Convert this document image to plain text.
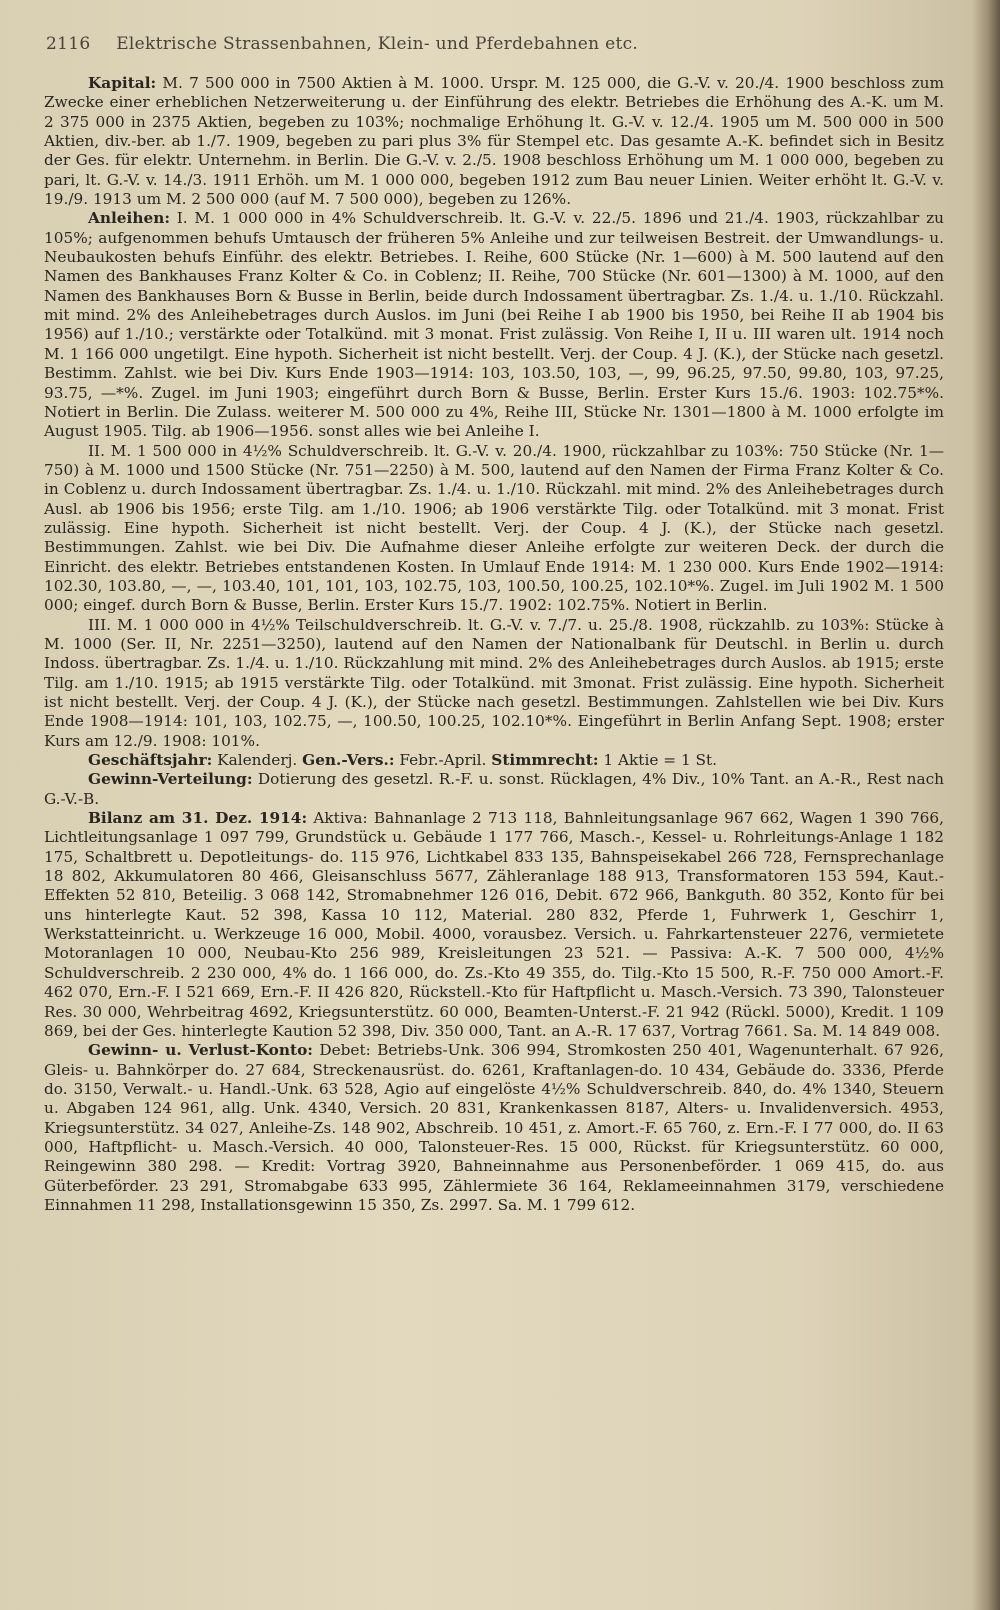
2116 Elektrische Strassenbahnen, Klein- und Pferdebahnen etc.

Kapital: M. 7 500 000 in 7500 Aktien à M. 1000. Urspr. M. 125 000, die G.-V. v. 20./4. 1900 beschloss zum Zwecke einer erheblichen Netzerweiterung u. der Einführung des elektr. Betriebes die Erhöhung des A.-K. um M. 2 375 000 in 2375 Aktien, begeben zu 103%; nochmalige Erhöhung lt. G.-V. v. 12./4. 1905 um M. 500 000 in 500 Aktien, div.-ber. ab 1./7. 1909, begeben zu pari plus 3% für Stempel etc. Das gesamte A.-K. befindet sich in Besitz der Ges. für elektr. Unternehm. in Berlin. Die G.-V. v. 2./5. 1908 beschloss Erhöhung um M. 1 000 000, begeben zu pari, lt. G.-V. v. 14./3. 1911 Erhöh. um M. 1 000 000, begeben 1912 zum Bau neuer Linien. Weiter erhöht lt. G.-V. v. 19./9. 1913 um M. 2 500 000 (auf M. 7 500 000), begeben zu 126%.

Anleihen: I. M. 1 000 000 in 4% Schuldverschreib. lt. G.-V. v. 22./5. 1896 und 21./4. 1903, rückzahlbar zu 105%; aufgenommen behufs Umtausch der früheren 5% Anleihe und zur teilweisen Bestreit. der Umwandlungs- u. Neubaukosten behufs Einführ. des elektr. Betriebes. I. Reihe, 600 Stücke (Nr. 1—600) à M. 500 lautend auf den Namen des Bankhauses Franz Kolter & Co. in Coblenz; II. Reihe, 700 Stücke (Nr. 601—1300) à M. 1000, auf den Namen des Bankhauses Born & Busse in Berlin, beide durch Indossament übertragbar. Zs. 1./4. u. 1./10. Rückzahl. mit mind. 2% des Anleihebetrages durch Auslos. im Juni (bei Reihe I ab 1900 bis 1950, bei Reihe II ab 1904 bis 1956) auf 1./10.; verstärkte oder Totalkünd. mit 3 monat. Frist zulässig. Von Reihe I, II u. III waren ult. 1914 noch M. 1 166 000 ungetilgt. Eine hypoth. Sicherheit ist nicht bestellt. Verj. der Coup. 4 J. (K.), der Stücke nach gesetzl. Bestimm. Zahlst. wie bei Div. Kurs Ende 1903—1914: 103, 103.50, 103, —, 99, 96.25, 97.50, 99.80, 103, 97.25, 93.75, —*%. Zugel. im Juni 1903; eingeführt durch Born & Busse, Berlin. Erster Kurs 15./6. 1903: 102.75*%. Notiert in Berlin. Die Zulass. weiterer M. 500 000 zu 4%, Reihe III, Stücke Nr. 1301—1800 à M. 1000 erfolgte im August 1905. Tilg. ab 1906—1956. sonst alles wie bei Anleihe I.

II. M. 1 500 000 in 4½% Schuldverschreib. lt. G.-V. v. 20./4. 1900, rückzahlbar zu 103%: 750 Stücke (Nr. 1—750) à M. 1000 und 1500 Stücke (Nr. 751—2250) à M. 500, lautend auf den Namen der Firma Franz Kolter & Co. in Coblenz u. durch Indossament übertragbar. Zs. 1./4. u. 1./10. Rückzahl. mit mind. 2% des Anleihebetrages durch Ausl. ab 1906 bis 1956; erste Tilg. am 1./10. 1906; ab 1906 verstärkte Tilg. oder Totalkünd. mit 3 monat. Frist zulässig. Eine hypoth. Sicherheit ist nicht bestellt. Verj. der Coup. 4 J. (K.), der Stücke nach gesetzl. Bestimmungen. Zahlst. wie bei Div. Die Aufnahme dieser Anleihe erfolgte zur weiteren Deck. der durch die Einricht. des elektr. Betriebes entstandenen Kosten. In Umlauf Ende 1914: M. 1 230 000. Kurs Ende 1902—1914: 102.30, 103.80, —, —, 103.40, 101, 101, 103, 102.75, 103, 100.50, 100.25, 102.10*%. Zugel. im Juli 1902 M. 1 500 000; eingef. durch Born & Busse, Berlin. Erster Kurs 15./7. 1902: 102.75%. Notiert in Berlin.

III. M. 1 000 000 in 4½% Teilschuldverschreib. lt. G.-V. v. 7./7. u. 25./8. 1908, rückzahlb. zu 103%: Stücke à M. 1000 (Ser. II, Nr. 2251—3250), lautend auf den Namen der Nationalbank für Deutschl. in Berlin u. durch Indoss. übertragbar. Zs. 1./4. u. 1./10. Rückzahlung mit mind. 2% des Anleihebetrages durch Auslos. ab 1915; erste Tilg. am 1./10. 1915; ab 1915 verstärkte Tilg. oder Totalkünd. mit 3monat. Frist zulässig. Eine hypoth. Sicherheit ist nicht bestellt. Verj. der Coup. 4 J. (K.), der Stücke nach gesetzl. Bestimmungen. Zahlstellen wie bei Div. Kurs Ende 1908—1914: 101, 103, 102.75, —, 100.50, 100.25, 102.10*%. Eingeführt in Berlin Anfang Sept. 1908; erster Kurs am 12./9. 1908: 101%.

Geschäftsjahr: Kalenderj. Gen.-Vers.: Febr.-April. Stimmrecht: 1 Aktie = 1 St.

Gewinn-Verteilung: Dotierung des gesetzl. R.-F. u. sonst. Rücklagen, 4% Div., 10% Tant. an A.-R., Rest nach G.-V.-B.

Bilanz am 31. Dez. 1914: Aktiva: Bahnanlage 2 713 118, Bahnleitungsanlage 967 662, Wagen 1 390 766, Lichtleitungsanlage 1 097 799, Grundstück u. Gebäude 1 177 766, Masch.-, Kessel- u. Rohrleitungs-Anlage 1 182 175, Schaltbrett u. Depotleitungs- do. 115 976, Lichtkabel 833 135, Bahnspeisekabel 266 728, Fernsprechanlage 18 802, Akkumulatoren 80 466, Gleisanschluss 5677, Zähleranlage 188 913, Transformatoren 153 594, Kaut.-Effekten 52 810, Beteilig. 3 068 142, Stromabnehmer 126 016, Debit. 672 966, Bankguth. 80 352, Konto für bei uns hinterlegte Kaut. 52 398, Kassa 10 112, Material. 280 832, Pferde 1, Fuhrwerk 1, Geschirr 1, Werkstatteinricht. u. Werkzeuge 16 000, Mobil. 4000, vorausbez. Versich. u. Fahrkartensteuer 2276, vermietete Motoranlagen 10 000, Neubau-Kto 256 989, Kreisleitungen 23 521. — Passiva: A.-K. 7 500 000, 4½% Schuldverschreib. 2 230 000, 4% do. 1 166 000, do. Zs.-Kto 49 355, do. Tilg.-Kto 15 500, R.-F. 750 000 Amort.-F. 462 070, Ern.-F. I 521 669, Ern.-F. II 426 820, Rückstell.-Kto für Haftpflicht u. Masch.-Versich. 73 390, Talonsteuer Res. 30 000, Wehrbeitrag 4692, Kriegsunterstütz. 60 000, Beamten-Unterst.-F. 21 942 (Rückl. 5000), Kredit. 1 109 869, bei der Ges. hinterlegte Kaution 52 398, Div. 350 000, Tant. an A.-R. 17 637, Vortrag 7661. Sa. M. 14 849 008.

Gewinn- u. Verlust-Konto: Debet: Betriebs-Unk. 306 994, Stromkosten 250 401, Wagenunterhalt. 67 926, Gleis- u. Bahnkörper do. 27 684, Streckenausrüst. do. 6261, Kraftanlagen-do. 10 434, Gebäude do. 3336, Pferde do. 3150, Verwalt.- u. Handl.-Unk. 63 528, Agio auf eingelöste 4½% Schuldverschreib. 840, do. 4% 1340, Steuern u. Abgaben 124 961, allg. Unk. 4340, Versich. 20 831, Krankenkassen 8187, Alters- u. Invalidenversich. 4953, Kriegsunterstütz. 34 027, Anleihe-Zs. 148 902, Abschreib. 10 451, z. Amort.-F. 65 760, z. Ern.-F. I 77 000, do. II 63 000, Haftpflicht- u. Masch.-Versich. 40 000, Talonsteuer-Res. 15 000, Rückst. für Kriegsunterstütz. 60 000, Reingewinn 380 298. — Kredit: Vortrag 3920, Bahneinnahme aus Personenbeförder. 1 069 415, do. aus Güterbeförder. 23 291, Stromabgabe 633 995, Zählermiete 36 164, Reklameeinnahmen 3179, verschiedene Einnahmen 11 298, Installationsgewinn 15 350, Zs. 2997. Sa. M. 1 799 612.
